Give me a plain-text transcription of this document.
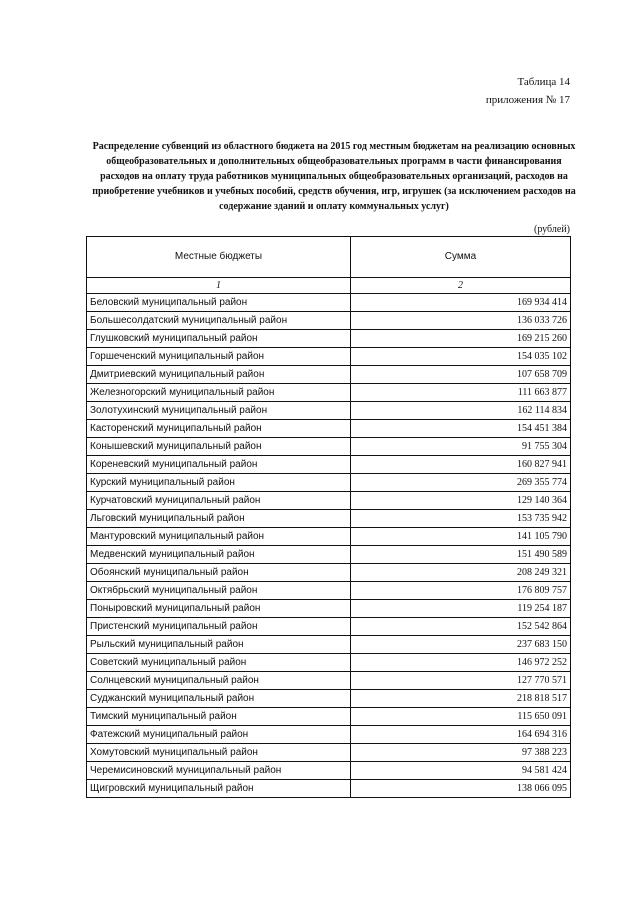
Таблица 14
приложения № 17
Распределение субвенций из областного бюджета на 2015 год местным бюджетам на реализацию основных общеобразовательных и дополнительных общеобразовательных программ в части финансирования расходов на оплату труда работников муниципальных общеобразовательных организаций, расходов на приобретение учебников и учебных пособий, средств обучения, игр, игрушек (за исключением расходов на содержание зданий и оплату коммунальных услуг)
(рублей)
Местные бюджеты	Сумма
1	2
Беловский муниципальный район	169 934 414
Большесолдатский муниципальный район	136 033 726
Глушковский муниципальный район	169 215 260
Горшеченский муниципальный район	154 035 102
Дмитриевский муниципальный район	107 658 709
Железногорский муниципальный район	111 663 877
Золотухинский муниципальный район	162 114 834
Касторенский муниципальный район	154 451 384
Конышевский муниципальный район	91 755 304
Кореневский муниципальный район	160 827 941
Курский муниципальный район	269 355 774
Курчатовский муниципальный район	129 140 364
Льговский муниципальный район	153 735 942
Мантуровский муниципальный район	141 105 790
Медвенский муниципальный район	151 490 589
Обоянский муниципальный район	208 249 321
Октябрьский муниципальный район	176 809 757
Поныровский муниципальный район	119 254 187
Пристенский муниципальный район	152 542 864
Рыльский муниципальный район	237 683 150
Советский муниципальный район	146 972 252
Солнцевский муниципальный район	127 770 571
Суджанский муниципальный район	218 818 517
Тимский муниципальный район	115 650 091
Фатежский муниципальный район	164 694 316
Хомутовский муниципальный район	97 388 223
Черемисиновский муниципальный район	94 581 424
Щигровский муниципальный район	138 066 095
